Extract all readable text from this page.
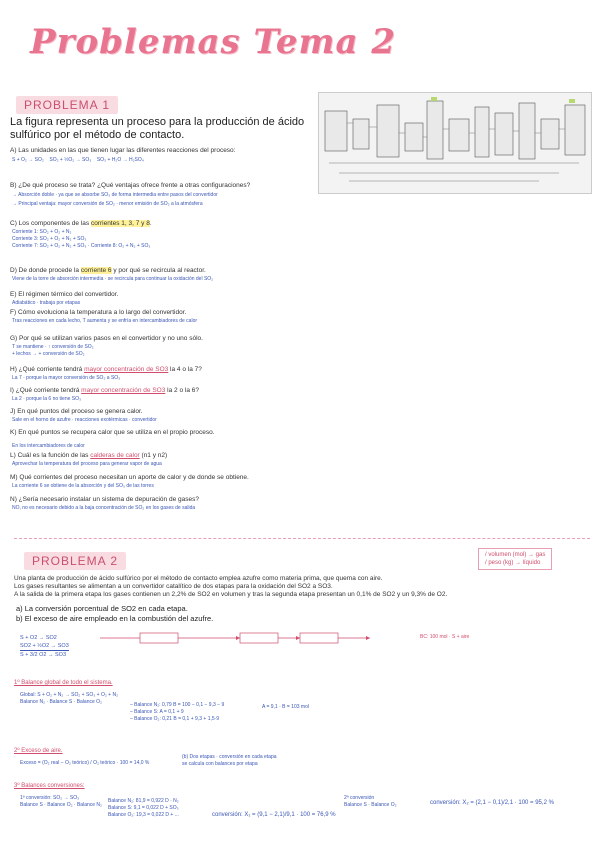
Problemas Tema 2
PROBLEMA 1
La figura representa un proceso para la producción de ácido sulfúrico por el método de contacto.
A) Las unidades en las que tienen lugar las diferentes reacciones del proceso:
S + O₂ → SO₂    SO₂ + ½O₂ → SO₃    SO₃ + H₂O → H₂SO₄
B) ¿De qué proceso se trata? ¿Qué ventajas ofrece frente a otras configuraciones?
→ Absorción doble · ya que se absorbe SO₃ de forma intermedia entre pasos del convertidor
→ Principal ventaja: mayor conversión de SO₂ · menor emisión de SO₂ a la atmósfera
C) Los componentes de las corrientes 1, 3, 7 y 8.
Corriente 1: SO₂ + O₂ + N₂
Corriente 3: SO₂ + O₂ + N₂ + SO₃
Corriente 7: SO₂ + O₂ + N₂ + SO₃ · Corriente 8: O₂ + N₂ + SO₃
D) De donde procede la corriente 6 y por qué se recircula al reactor.
Viene de la torre de absorción intermedia · se recircula para continuar la oxidación del SO₂
E) El régimen térmico del convertidor.
Adiabático · trabaja por etapas
F) Cómo evoluciona la temperatura a lo largo del convertidor.
Tras reacciones en cada lecho, T aumenta y se enfría en intercambiadores de calor
G) Por qué se utilizan varios pasos en el convertidor y no uno sólo.
T se mantiene · ↑ conversión de SO₂
+ lechos → + conversión de SO₂
H) ¿Qué corriente tendrá mayor concentración de SO3 la 4 o la 7?
La 7 · porque la mayor conversión de SO₂ a SO₃
I) ¿Qué corriente tendrá mayor concentración de SO3 la 2 o la 6?
La 2 · porque la 6 no tiene SO₃
J) En qué puntos del proceso se genera calor.
Sale en el horno de azufre · reacciones exotérmicas · convertidor
K) En qué puntos se recupera calor que se utiliza en el propio proceso.
En los intercambiadores de calor
L) Cuál es la función de las calderas de calor (n1 y n2)
Aprovechar la temperatura del proceso para generar vapor de agua
M) Qué corrientes del proceso necesitan un aporte de calor y de donde se obtiene.
La corriente 6 se obtiene de la absorción y del SO₃ de las torres
N) ¿Sería necesario instalar un sistema de depuración de gases?
NO, no es necesario debido a la baja concentración de SO₂ en los gases de salida
PROBLEMA 2	/ volumen (mol) → gas
/ peso (kg) → líquido
Una planta de producción de ácido sulfúrico por el método de contacto emplea azufre como materia prima, que quema con aire.
Los gases resultantes se alimentan a un convertidor catalítico de dos etapas para la oxidación del SO2 a SO3.
A la salida de la primera etapa los gases contienen un 2,2% de SO2 en volumen y tras la segunda etapa presentan un 0,1% de SO2 y un 9,3% de O2.
a) La conversión porcentual de SO2 en cada etapa.
b) El exceso de aire empleado en la combustión del azufre.
S + O2 → SO2
SO2 + ½O2 → SO3
S + 3/2 O2 → SO3
BC: 100 mol · S + aire
1º Balance global de todo el sistema.
Global: S + O₂ + N₂ → SO₂ + SO₃ + O₂ + N₂
Balance N₂ · Balance S · Balance O₂	– Balance N₂: 0,79 B = 100 − 0,1 − 9,3 − 9
– Balance S: A = 0,1 + 9
– Balance O₂: 0,21 B = 0,1 + 9,3 + 1,5·9
A = 9,1 · B = 103 mol
2º Exceso de aire.
Exceso = (O₂ real − O₂ teórico) / O₂ teórico · 100 = 14,0 %
(b) Dos etapas · conversión en cada etapa
se calcula con balances por etapa
3º Balances conversiones:
1ª conversión: SO₂ → SO₃
Balance S · Balance O₂ · Balance N₂
Balance N₂: 81,9 = 0,922 D · N₂
Balance S: 9,1 = 0,022 D + SO₃
Balance O₂: 19,3 = 0,022 D + ...	conversión: X₁ = (9,1 − 2,1)/9,1 · 100 = 76,9 %
2ª conversión
Balance S · Balance O₂	conversión: X₂ = (2,1 − 0,1)/2,1 · 100 = 95,2 %
